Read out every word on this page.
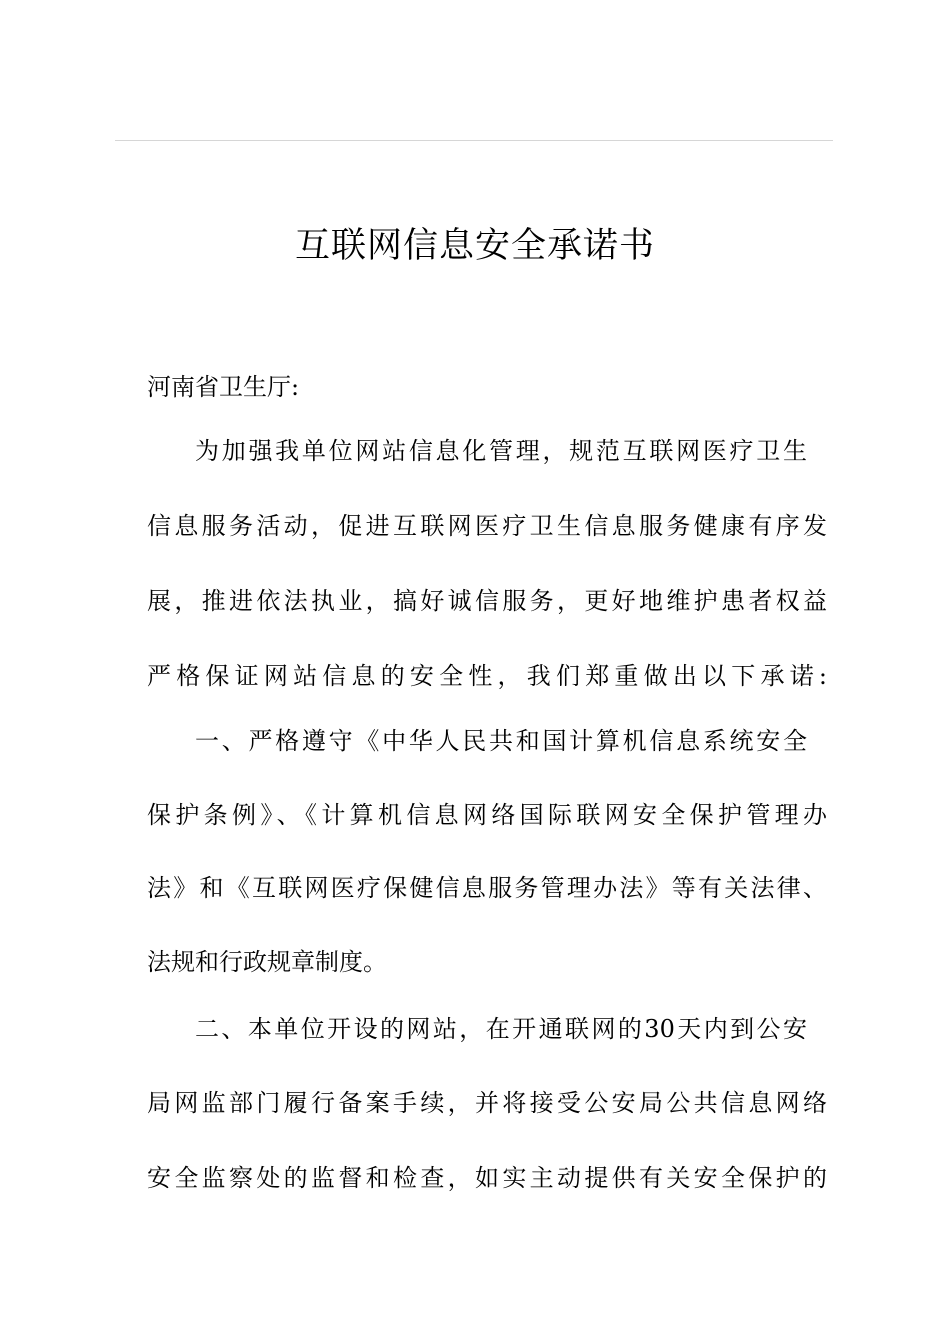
互联网信息安全承诺书
河南省卫生厅:
为加强我单位网站信息化管理，规范互联网医疗卫生
信息服务活动，促进互联网医疗卫生信息服务健康有序发
展，推进依法执业，搞好诚信服务，更好地维护患者权益
严格保证网站信息的安全性，我们郑重做出以下承诺:
一、严格遵守《中华人民共和国计算机信息系统安全
保护条例》、《计算机信息网络国际联网安全保护管理办
法》和《互联网医疗保健信息服务管理办法》等有关法律、
法规和行政规章制度。
二、本单位开设的网站，在开通联网的30天内到公安
局网监部门履行备案手续，并将接受公安局公共信息网络
安全监察处的监督和检查，如实主动提供有关安全保护的
